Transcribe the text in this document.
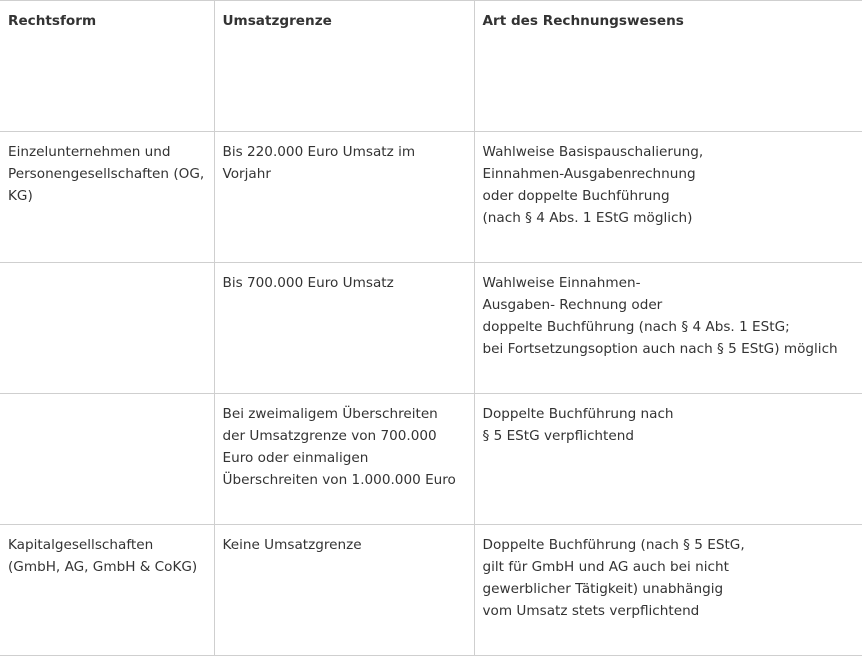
Rechtsform	Umsatzgrenze	Art des Rechnungswesens

Einzelunternehmen und
Personengesellschaften (OG,
KG)	Bis 220.000 Euro Umsatz im
Vorjahr	Wahlweise Basispauschalierung,
Einnahmen-Ausgabenrechnung
oder doppelte Buchführung
(nach § 4 Abs. 1 EStG möglich)

	Bis 700.000 Euro Umsatz	Wahlweise Einnahmen-
Ausgaben- Rechnung oder
doppelte Buchführung (nach § 4 Abs. 1 EStG;
bei Fortsetzungsoption auch nach § 5 EStG) möglich

	Bei zweimaligem Überschreiten
der Umsatzgrenze von 700.000
Euro oder einmaligen
Überschreiten von 1.000.000 Euro	Doppelte Buchführung nach
§ 5 EStG verpflichtend

Kapitalgesellschaften
(GmbH, AG, GmbH & CoKG)	Keine Umsatzgrenze	Doppelte Buchführung (nach § 5 EStG,
gilt für GmbH und AG auch bei nicht
gewerblicher Tätigkeit) unabhängig
vom Umsatz stets verpflichtend
